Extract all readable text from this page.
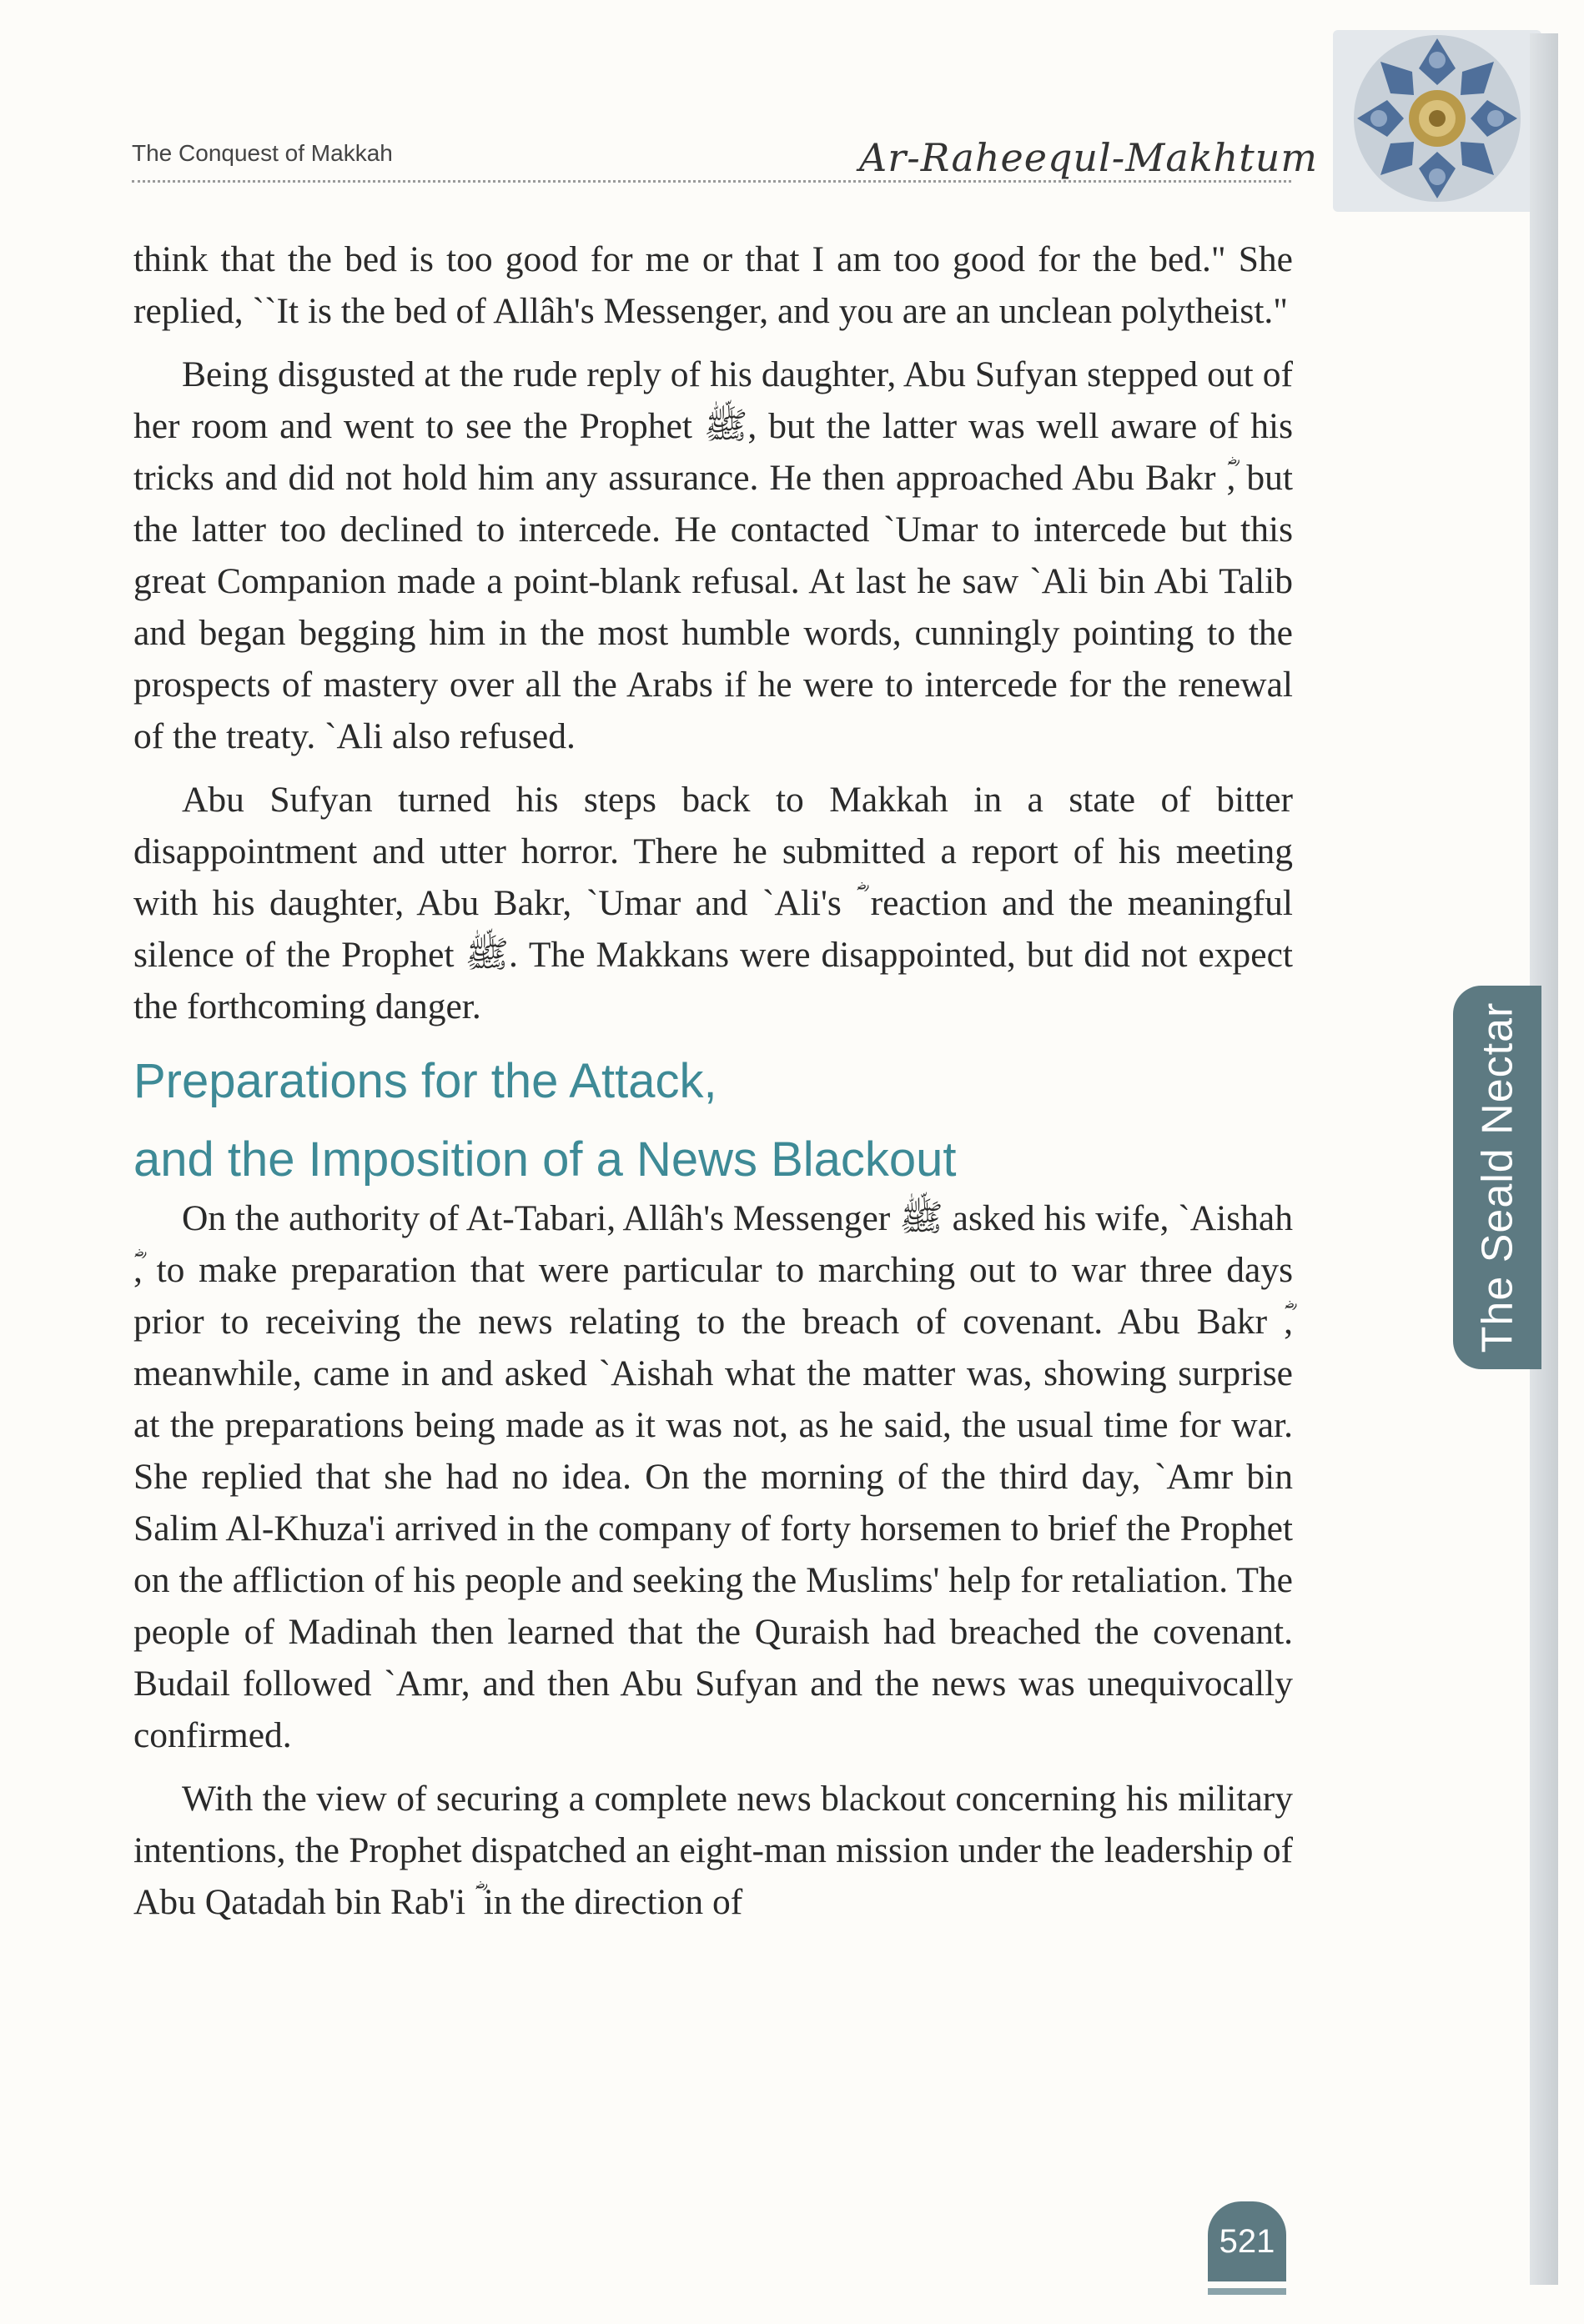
The Conquest of Makkah	Ar-Raheequl-Makhtum
The Seald Nectar

think that the bed is too good for me or that I am too good for the bed." She replied, ``It is the bed of Allâh's Messenger, and you are an unclean polytheist."

Being disgusted at the rude reply of his daughter, Abu Sufyan stepped out of her room and went to see the Prophet ﷺ, but the latter was well aware of his tricks and did not hold him any assurance. He then approached Abu Bakr ؓ, but the latter too declined to intercede. He contacted `Umar to intercede but this great Companion made a point-blank refusal. At last he saw `Ali bin Abi Talib and began begging him in the most humble words, cunningly pointing to the prospects of mastery over all the Arabs if he were to intercede for the renewal of the treaty. `Ali also refused.

Abu Sufyan turned his steps back to Makkah in a state of bitter disappointment and utter horror. There he submitted a report of his meeting with his daughter, Abu Bakr, `Umar and `Ali's ؓ reaction and the meaningful silence of the Prophet ﷺ. The Makkans were disappointed, but did not expect the forthcoming danger.

Preparations for the Attack,
and the Imposition of a News Blackout

On the authority of At-Tabari, Allâh's Messenger ﷺ asked his wife, `Aishah ؓ, to make preparation that were particular to marching out to war three days prior to receiving the news relating to the breach of covenant. Abu Bakr ؓ, meanwhile, came in and asked `Aishah what the matter was, showing surprise at the preparations being made as it was not, as he said, the usual time for war. She replied that she had no idea. On the morning of the third day, `Amr bin Salim Al-Khuza'i arrived in the company of forty horsemen to brief the Prophet on the affliction of his people and seeking the Muslims' help for retaliation. The people of Madinah then learned that the Quraish had breached the covenant. Budail followed `Amr, and then Abu Sufyan and the news was unequivocally confirmed.

With the view of securing a complete news blackout concerning his military intentions, the Prophet dispatched an eight-man mission under the leadership of Abu Qatadah bin Rab'i ؓ in the direction of

521
